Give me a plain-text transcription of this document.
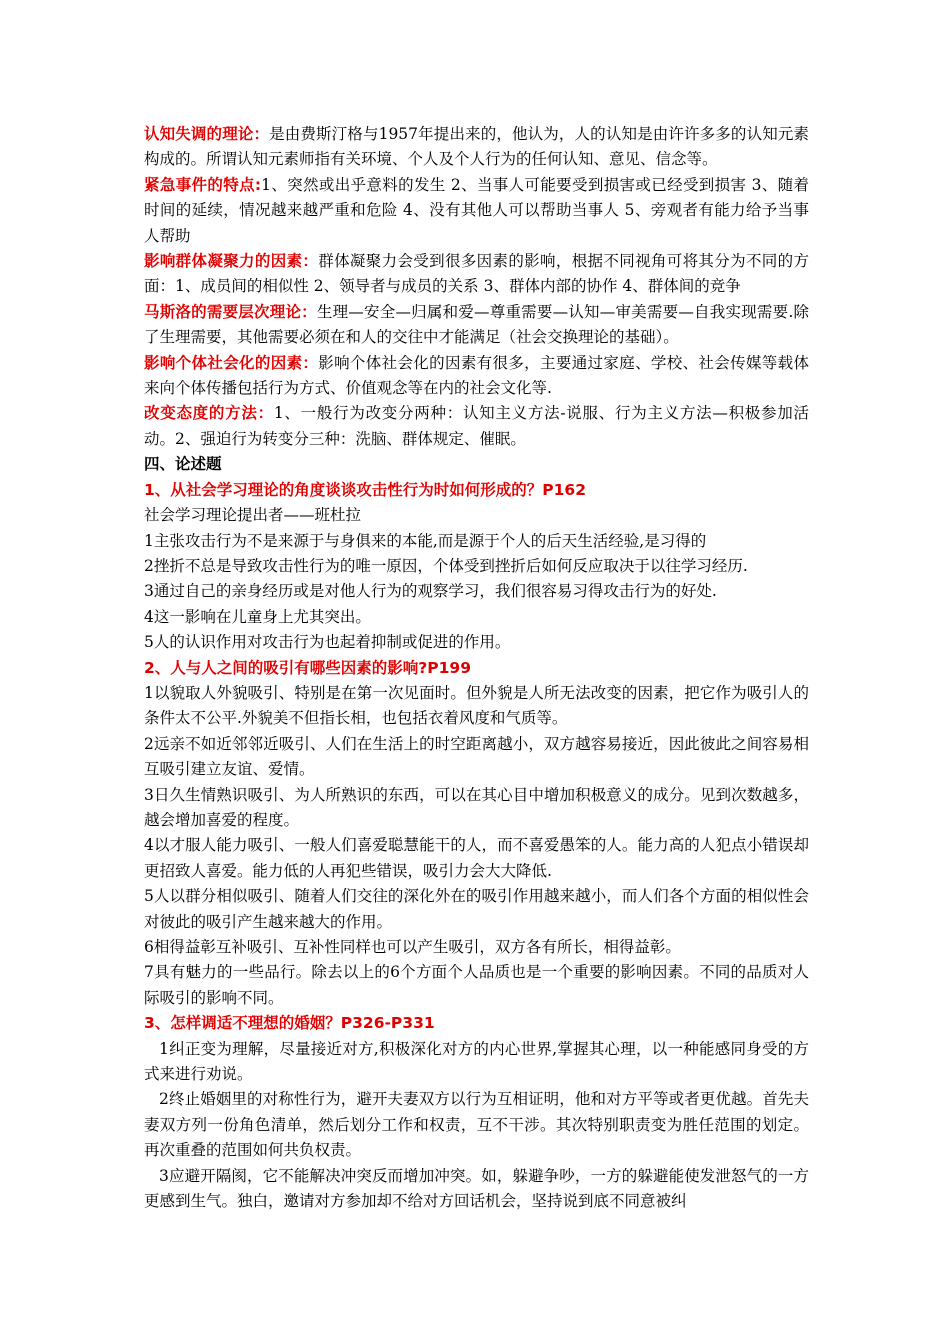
认知失调的理论：是由费斯汀格与1957年提出来的，他认为，人的认知是由许许多多的认知元素构成的。所谓认知元素师指有关环境、个人及个人行为的任何认知、意见、信念等。

紧急事件的特点:1、突然或出乎意料的发生 2、当事人可能要受到损害或已经受到损害 3、随着时间的延续，情况越来越严重和危险 4、没有其他人可以帮助当事人 5、旁观者有能力给予当事人帮助

影响群体凝聚力的因素：群体凝聚力会受到很多因素的影响，根据不同视角可将其分为不同的方面：1、成员间的相似性 2、领导者与成员的关系 3、群体内部的协作 4、群体间的竞争

马斯洛的需要层次理论：生理—安全—归属和爱—尊重需要—认知—审美需要—自我实现需要.除了生理需要，其他需要必须在和人的交往中才能满足（社会交换理论的基础）。

影响个体社会化的因素：影响个体社会化的因素有很多，主要通过家庭、学校、社会传媒等载体来向个体传播包括行为方式、价值观念等在内的社会文化等.

改变态度的方法：1、一般行为改变分两种：认知主义方法-说服、行为主义方法—积极参加活动。2、强迫行为转变分三种：洗脑、群体规定、催眠。

四、论述题

1、从社会学习理论的角度谈谈攻击性行为时如何形成的？P162

社会学习理论提出者——班杜拉

1主张攻击行为不是来源于与身俱来的本能,而是源于个人的后天生活经验,是习得的

2挫折不总是导致攻击性行为的唯一原因，个体受到挫折后如何反应取决于以往学习经历.

3通过自己的亲身经历或是对他人行为的观察学习，我们很容易习得攻击行为的好处.

4这一影响在儿童身上尤其突出。

5人的认识作用对攻击行为也起着抑制或促进的作用。

2、人与人之间的吸引有哪些因素的影响?P199

1以貌取人外貌吸引、特别是在第一次见面时。但外貌是人所无法改变的因素，把它作为吸引人的条件太不公平.外貌美不但指长相，也包括衣着风度和气质等。

2远亲不如近邻邻近吸引、人们在生活上的时空距离越小，双方越容易接近，因此彼此之间容易相互吸引建立友谊、爱情。

3日久生情熟识吸引、为人所熟识的东西，可以在其心目中增加积极意义的成分。见到次数越多，越会增加喜爱的程度。

4以才服人能力吸引、一般人们喜爱聪慧能干的人，而不喜爱愚笨的人。能力高的人犯点小错误却更招致人喜爱。能力低的人再犯些错误，吸引力会大大降低.

5人以群分相似吸引、随着人们交往的深化外在的吸引作用越来越小，而人们各个方面的相似性会对彼此的吸引产生越来越大的作用。

6相得益彰互补吸引、互补性同样也可以产生吸引，双方各有所长，相得益彰。

7具有魅力的一些品行。除去以上的6个方面个人品质也是一个重要的影响因素。不同的品质对人际吸引的影响不同。

3、怎样调适不理想的婚姻？P326-P331

1纠正变为理解，尽量接近对方,积极深化对方的内心世界,掌握其心理，以一种能感同身受的方式来进行劝说。

2终止婚姻里的对称性行为，避开夫妻双方以行为互相证明，他和对方平等或者更优越。首先夫妻双方列一份角色清单，然后划分工作和权责，互不干涉。其次特别职责变为胜任范围的划定。再次重叠的范围如何共负权责。

3应避开隔阂，它不能解决冲突反而增加冲突。如，躲避争吵，一方的躲避能使发泄怒气的一方更感到生气。独白，邀请对方参加却不给对方回话机会，坚持说到底不同意被纠
